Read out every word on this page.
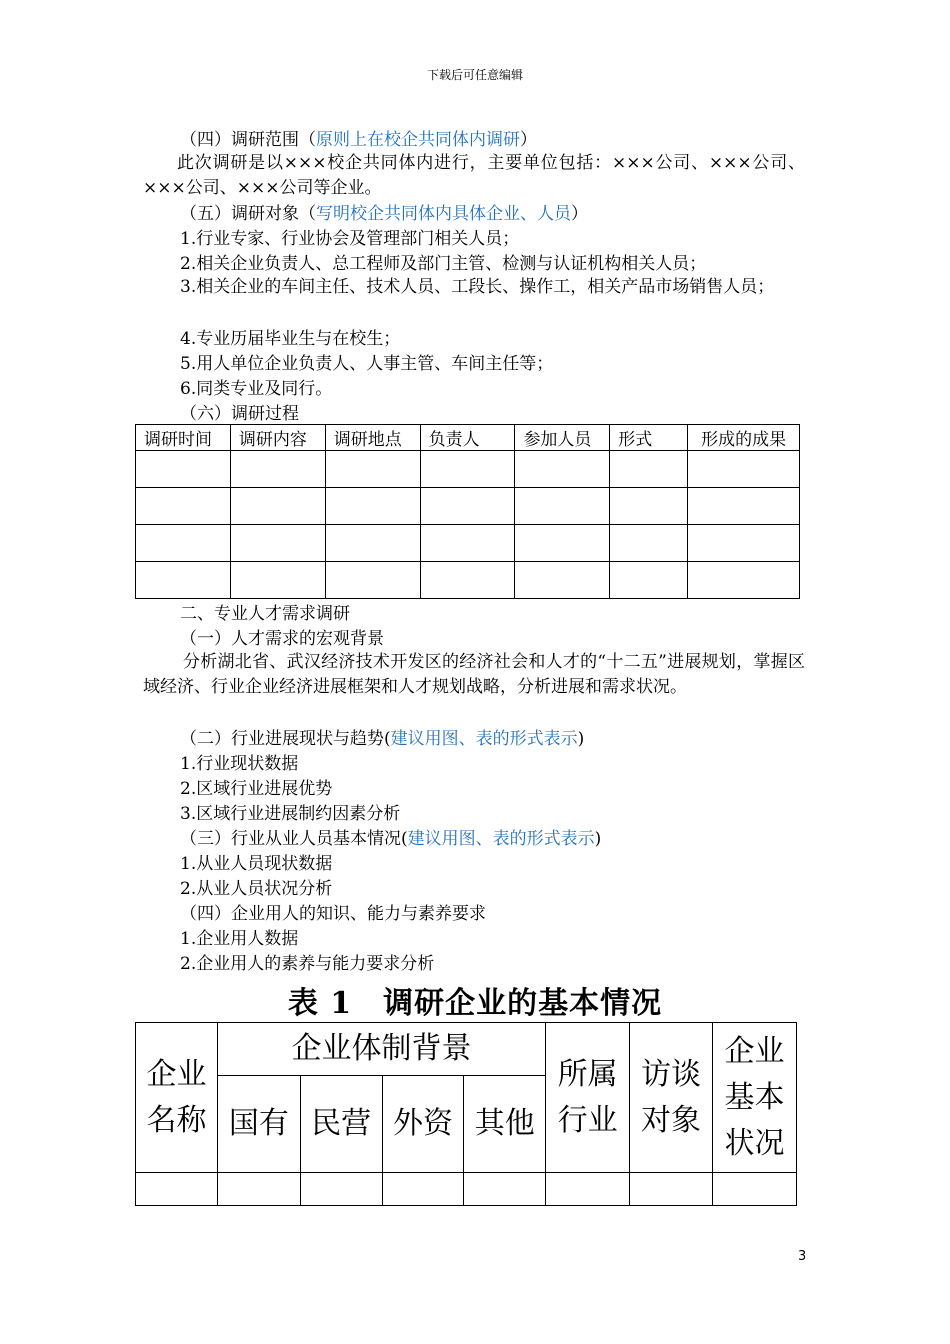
下载后可任意编辑
（四）调研范围（原则上在校企共同体内调研）
此次调研是以×××校企共同体内进行，主要单位包括：×××公司、×××公司、×××公司、×××公司等企业。
（五）调研对象（写明校企共同体内具体企业、人员）
1.行业专家、行业协会及管理部门相关人员；
2.相关企业负责人、总工程师及部门主管、检测与认证机构相关人员；
3.相关企业的车间主任、技术人员、工段长、操作工，相关产品市场销售人员；
4.专业历届毕业生与在校生；
5.用人单位企业负责人、人事主管、车间主任等；
6.同类专业及同行。
（六）调研过程
调研时间	调研内容	调研地点	负责人	参加人员	形式	形成的成果

二、专业人才需求调研
（一）人才需求的宏观背景
分析湖北省、武汉经济技术开发区的经济社会和人才的“十二五”进展规划，掌握区域经济、行业企业经济进展框架和人才规划战略，分析进展和需求状况。
（二）行业进展现状与趋势(建议用图、表的形式表示)
1.行业现状数据
2.区域行业进展优势
3.区域行业进展制约因素分析
（三）行业从业人员基本情况(建议用图、表的形式表示)
1.从业人员现状数据
2.从业人员状况分析
（四）企业用人的知识、能力与素养要求
1.企业用人数据
2.企业用人的素养与能力要求分析
表 1　调研企业的基本情况
企业名称	企业体制背景				所属行业	访谈对象	企业基本状况

	国有	民营	外资	其他			

3
